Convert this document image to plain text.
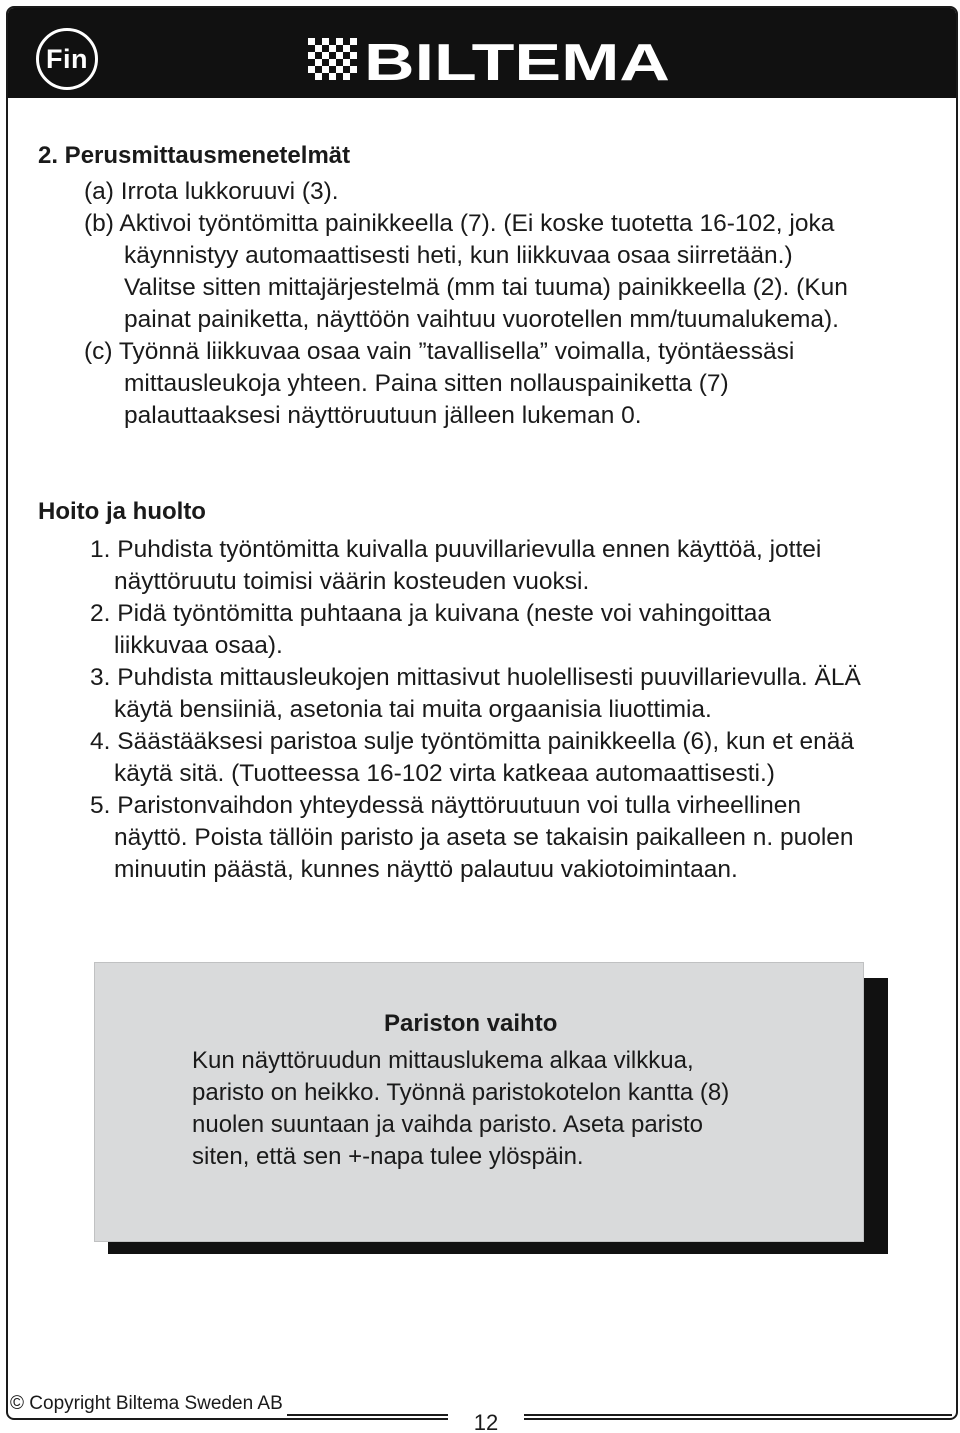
Fin	BILTEMA
2. Perusmittausmenetelmät
(a) Irrota lukkoruuvi (3).
(b) Aktivoi työntömitta painikkeella (7). (Ei koske tuotetta 16-102, joka
käynnistyy automaattisesti heti, kun liikkuvaa osaa siirretään.)
Valitse sitten mittajärjestelmä (mm tai tuuma) painikkeella (2). (Kun
painat painiketta, näyttöön vaihtuu vuorotellen mm/tuumalukema).
(c) Työnnä liikkuvaa osaa vain ”tavallisella” voimalla, työntäessäsi
mittausleukoja yhteen. Paina sitten nollauspainiketta (7)
palauttaaksesi näyttöruutuun jälleen lukeman 0.
Hoito ja huolto
1. Puhdista työntömitta kuivalla puuvillarievulla ennen käyttöä, jottei
näyttöruutu toimisi väärin kosteuden vuoksi.
2. Pidä työntömitta puhtaana ja kuivana (neste voi vahingoittaa
liikkuvaa osaa).
3. Puhdista mittausleukojen mittasivut huolellisesti puuvillarievulla. ÄLÄ
käytä bensiiniä, asetonia tai muita orgaanisia liuottimia.
4. Säästääksesi paristoa sulje työntömitta painikkeella (6), kun et enää
käytä sitä. (Tuotteessa 16-102 virta katkeaa automaattisesti.)
5. Paristonvaihdon yhteydessä näyttöruutuun voi tulla virheellinen
näyttö. Poista tällöin paristo ja aseta se takaisin paikalleen n. puolen
minuutin päästä, kunnes näyttö palautuu vakiotoimintaan.
Pariston vaihto
Kun näyttöruudun mittauslukema alkaa vilkkua,
paristo on heikko. Työnnä paristokotelon kantta (8)
nuolen suuntaan ja vaihda paristo. Aseta paristo
siten, että sen +-napa tulee ylöspäin.
© Copyright Biltema Sweden AB
12
